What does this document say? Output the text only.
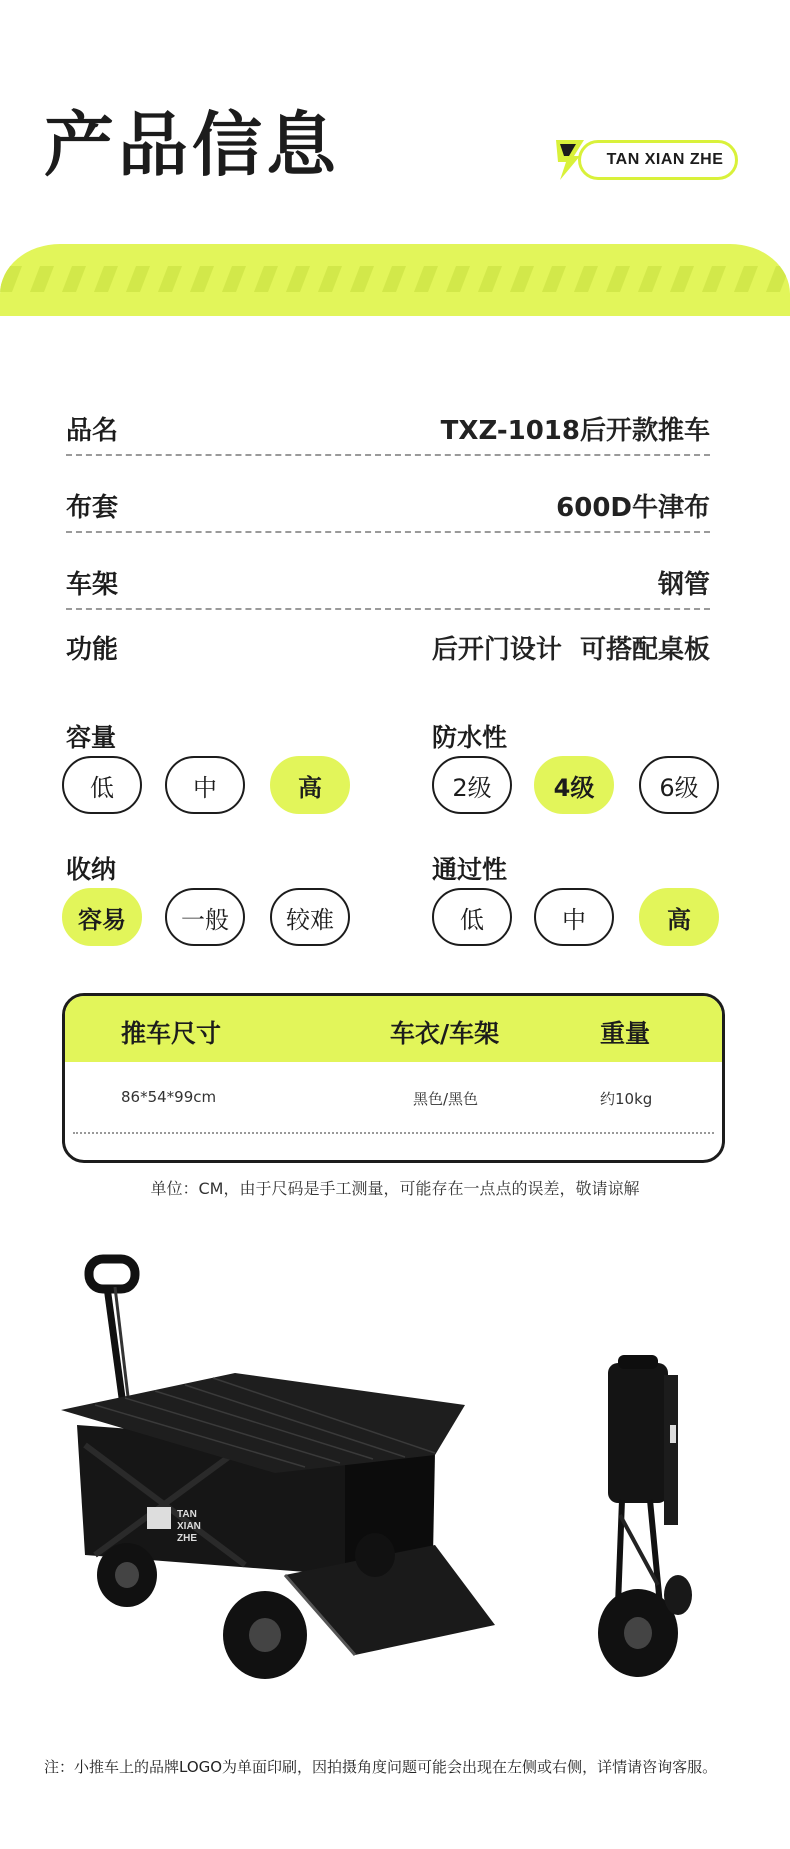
产品信息	TAN XIAN ZHE
品名	TXZ-1018后开款推车
布套	600D牛津布
车架	钢管
功能	后开门设计  可搭配桌板
容量
低	中	高
防水性
2级	4级	6级
收纳
容易	一般	较难
通过性
低	中	高
推车尺寸	车衣/车架	重量
86*54*99cm	黑色/黑色	约10kg
单位：CM，由于尺码是手工测量，可能存在一点点的误差，敬请谅解
TAN
XIAN
ZHE
注：小推车上的品牌LOGO为单面印刷，因拍摄角度问题可能会出现在左侧或右侧，详情请咨询客服。
